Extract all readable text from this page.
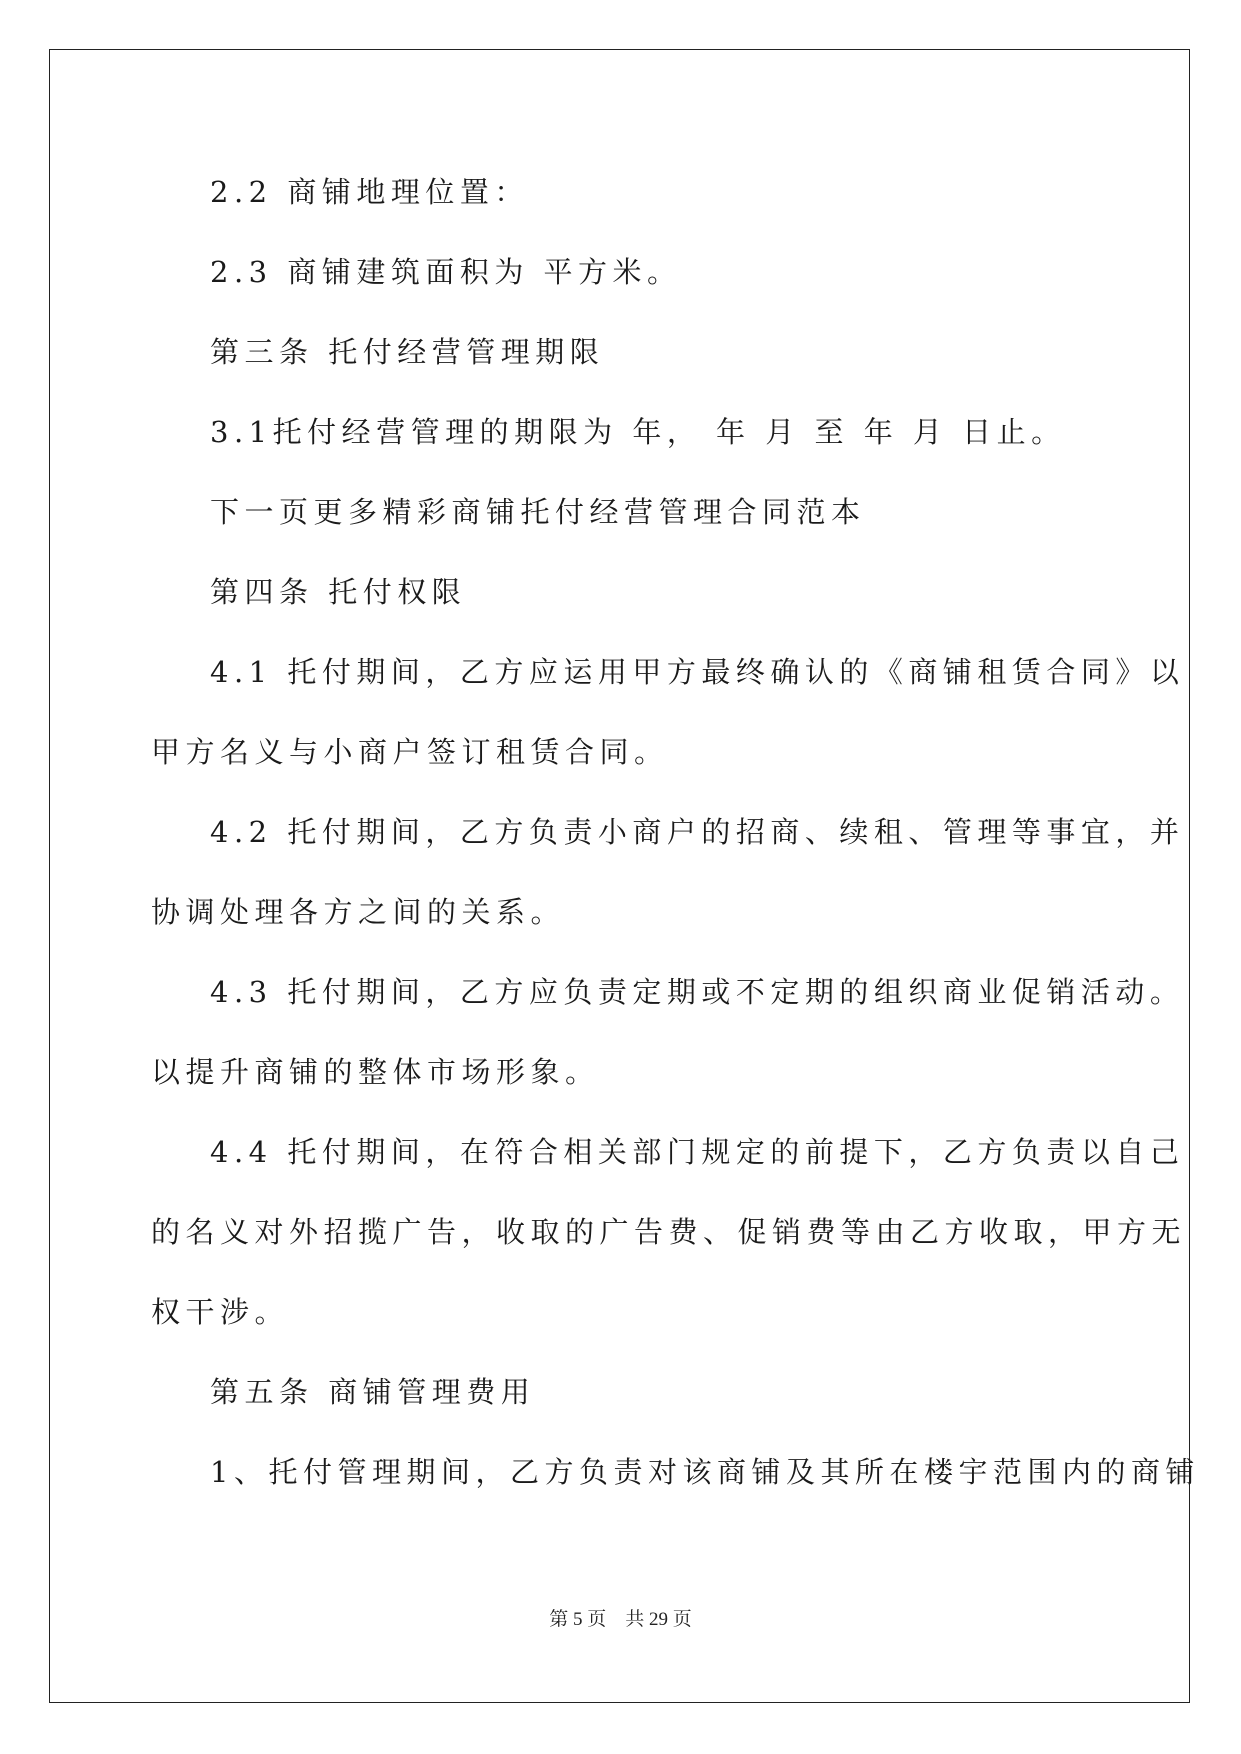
2.2 商铺地理位置：
2.3 商铺建筑面积为 平方米。
第三条 托付经营管理期限
3.1托付经营管理的期限为 年， 年 月 至 年 月 日止。
下一页更多精彩商铺托付经营管理合同范本
第四条 托付权限
4.1 托付期间，乙方应运用甲方最终确认的《商铺租赁合同》以
甲方名义与小商户签订租赁合同。
4.2 托付期间，乙方负责小商户的招商、续租、管理等事宜，并
协调处理各方之间的关系。
4.3 托付期间，乙方应负责定期或不定期的组织商业促销活动。
以提升商铺的整体市场形象。
4.4 托付期间，在符合相关部门规定的前提下，乙方负责以自己
的名义对外招揽广告，收取的广告费、促销费等由乙方收取，甲方无
权干涉。
第五条 商铺管理费用
1、托付管理期间，乙方负责对该商铺及其所在楼宇范围内的商铺
第 5 页    共 29 页
